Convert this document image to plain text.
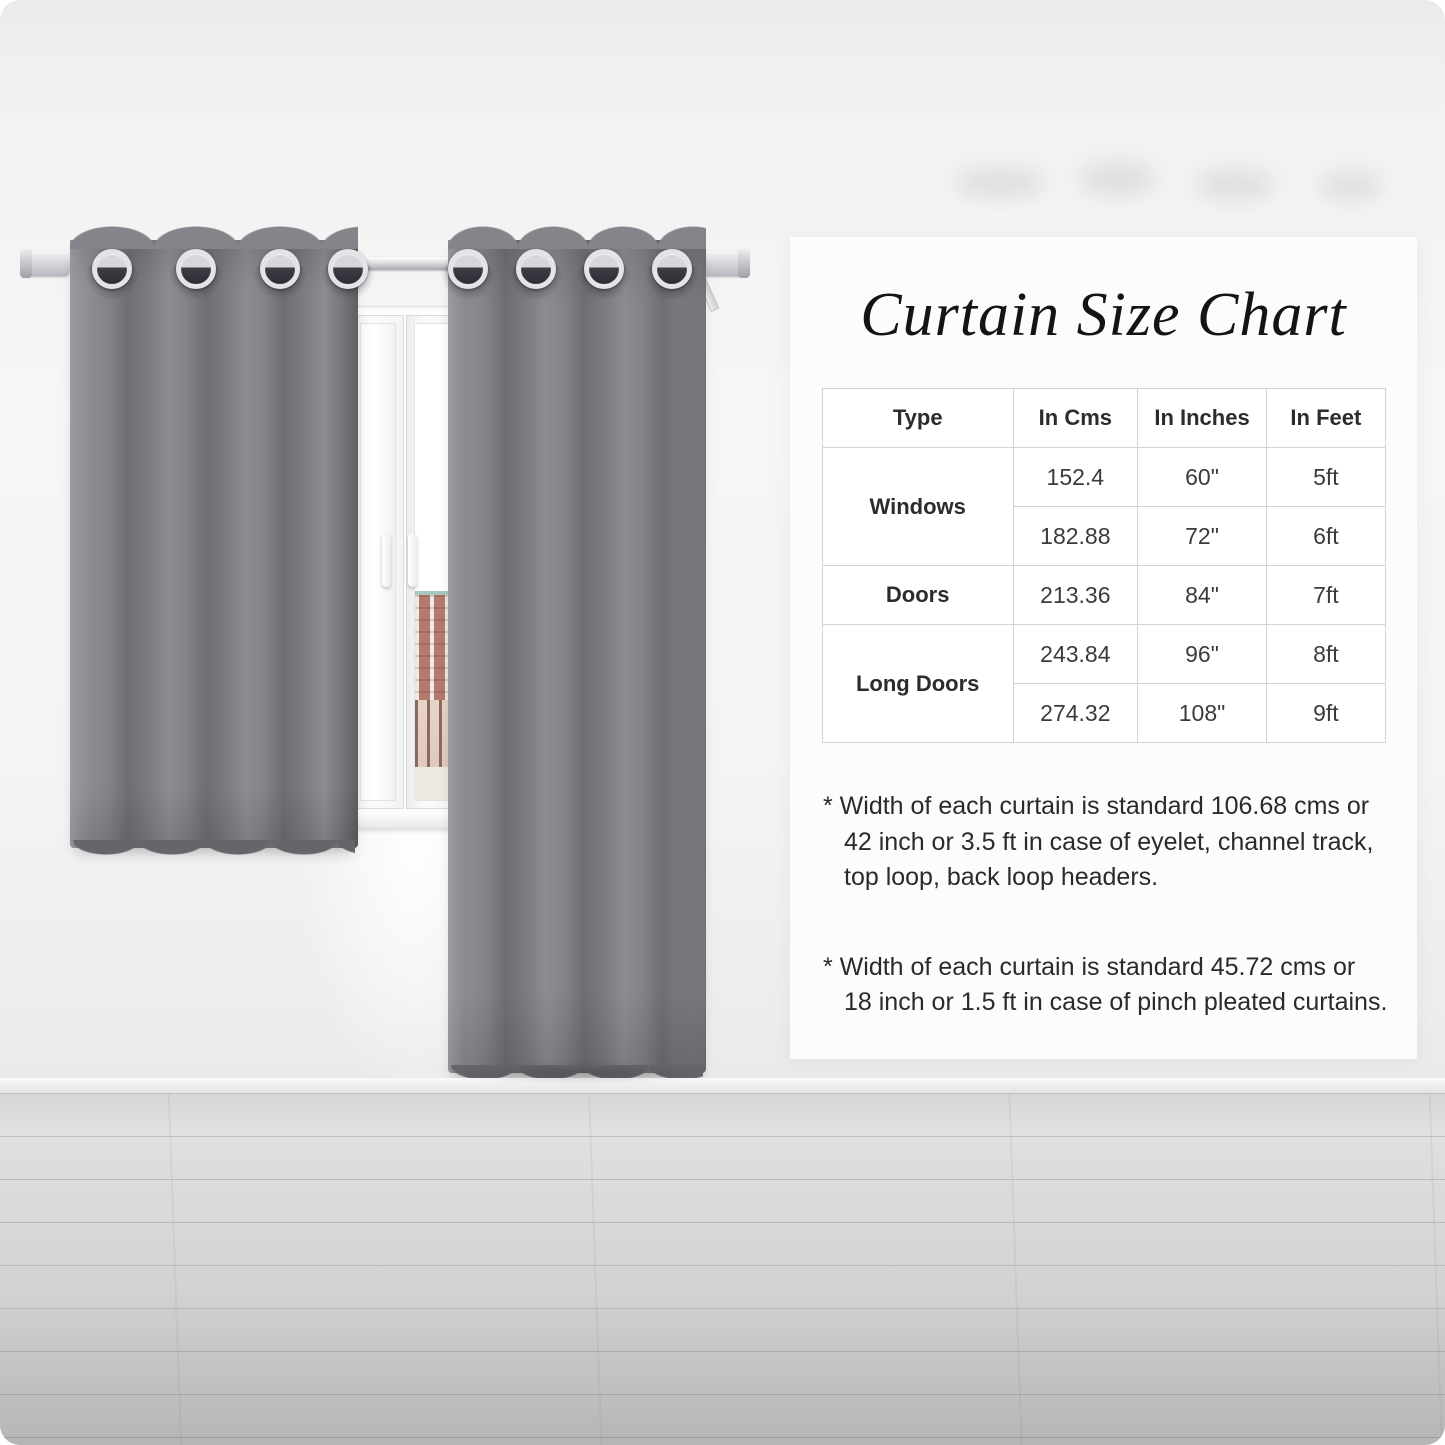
Curtain Size Chart
Type	In Cms	In Inches	In Feet
Windows	152.4	60"	5ft
	182.88	72"	6ft
Doors	213.36	84"	7ft
Long Doors	243.84	96"	8ft
	274.32	108"	9ft

* Width of each curtain is standard 106.68 cms or 42 inch or 3.5 ft in case of eyelet, channel track, top loop, back loop headers.

* Width of each curtain is standard 45.72 cms or 18 inch or 1.5 ft in case of pinch pleated curtains.
